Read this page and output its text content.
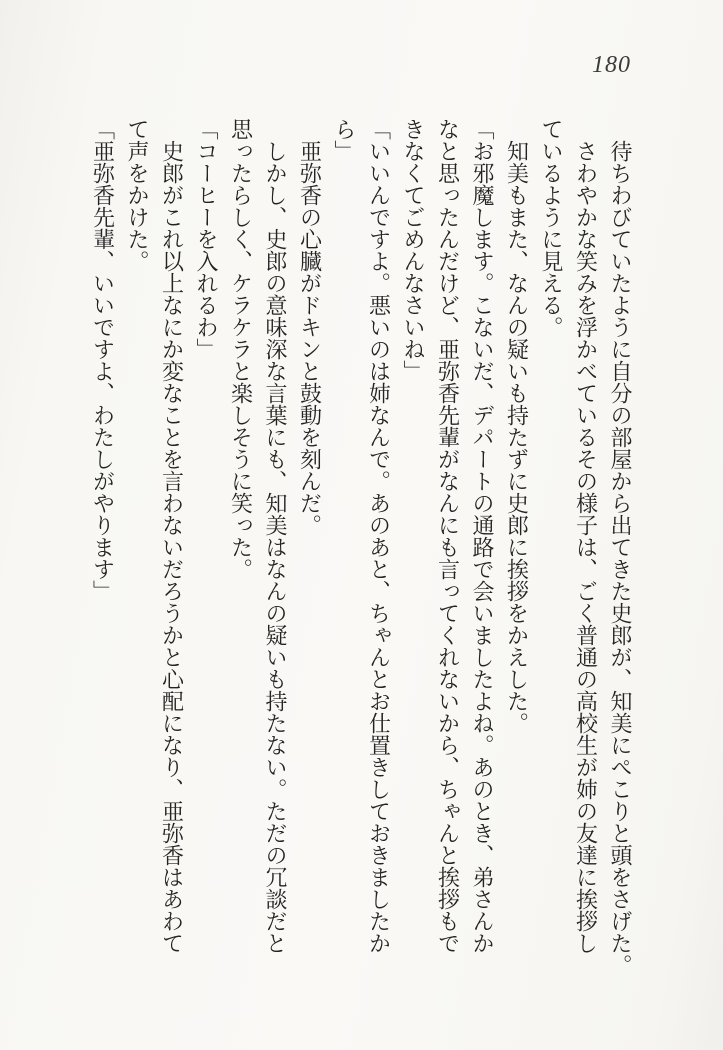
180
待ちわびていたように自分の部屋から出てきた史郎が、知美にぺこりと頭をさげた。
さわやかな笑みを浮かべているその様子は、ごく普通の高校生が姉の友達に挨拶し
ているように見える。
知美もまた、なんの疑いも持たずに史郎に挨拶をかえした。
「お邪魔します。こないだ、デパートの通路で会いましたよね。あのとき、弟さんか
なと思ったんだけど、亜弥香先輩がなんにも言ってくれないから、ちゃんと挨拶もで
きなくてごめんなさいね」
「いいんですよ。悪いのは姉なんで。あのあと、ちゃんとお仕置きしておきましたか
ら」
亜弥香の心臓がドキンと鼓動を刻んだ。
しかし、史郎の意味深な言葉にも、知美はなんの疑いも持たない。ただの冗談だと
思ったらしく、ケラケラと楽しそうに笑った。
「コーヒーを入れるわ」
史郎がこれ以上なにか変なことを言わないだろうかと心配になり、亜弥香はあわて
て声をかけた。
「亜弥香先輩、いいですよ、わたしがやります」
